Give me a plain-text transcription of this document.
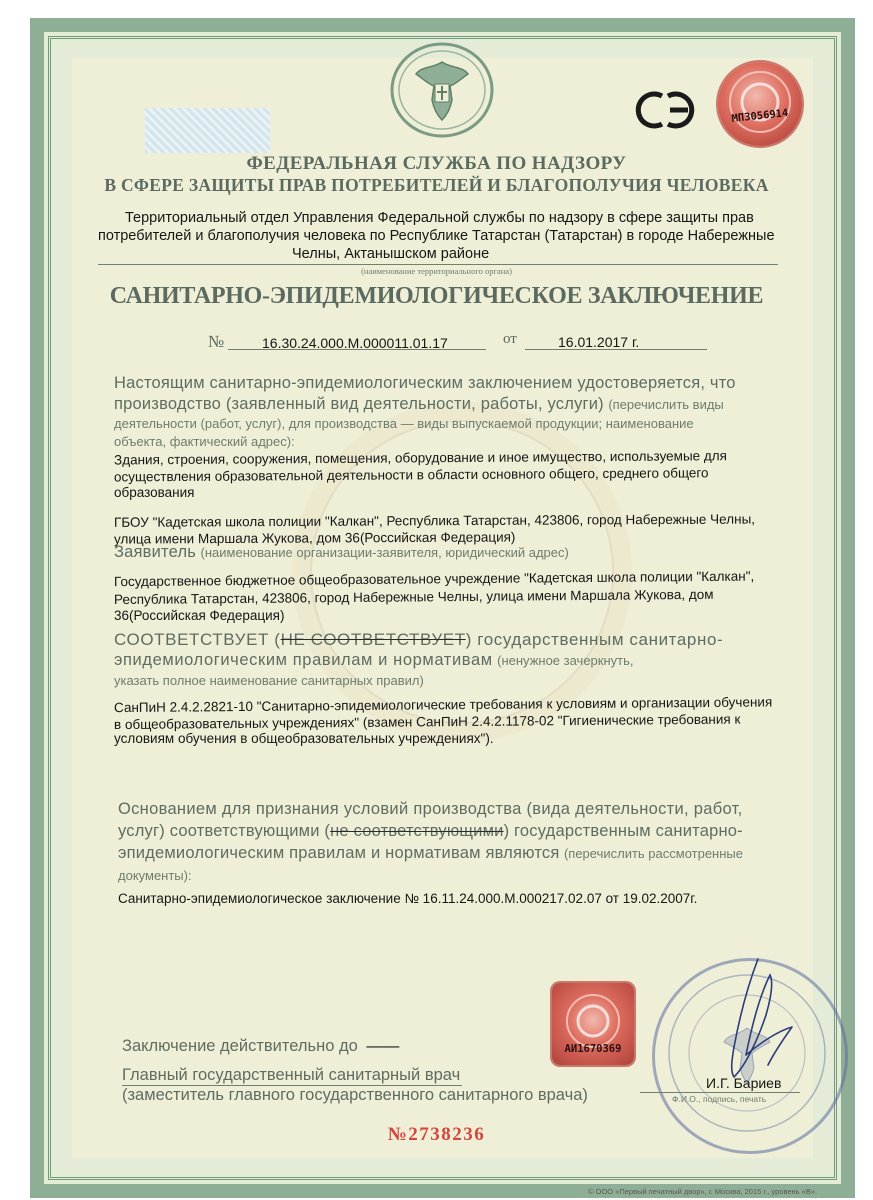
МП3056914
ФЕДЕРАЛЬНАЯ СЛУЖБА ПО НАДЗОРУ
В СФЕРЕ ЗАЩИТЫ ПРАВ ПОТРЕБИТЕЛЕЙ И БЛАГОПОЛУЧИЯ ЧЕЛОВЕКА
Территориальный отдел Управления Федеральной службы по надзору в сфере защиты прав
потребителей и благополучия человека по Республике Татарстан (Татарстан) в городе Набережные
Челны, Актанышском районе
(наименование территориального органа)
САНИТАРНО-ЭПИДЕМИОЛОГИЧЕСКОЕ ЗАКЛЮЧЕНИЕ
№	16.30.24.000.М.000011.01.17	от	16.01.2017 г.
Настоящим санитарно-эпидемиологическим заключением удостоверяется, что
производство (заявленный вид деятельности, работы, услуги) (перечислить виды
деятельности (работ, услуг), для производства — виды выпускаемой продукции; наименование
объекта, фактический адрес):
Здания, строения, сооружения, помещения, оборудование и иное имущество, используемые для
осуществления образовательной деятельности в области основного общего, среднего общего
образования
ГБОУ "Кадетская школа полиции "Калкан", Республика Татарстан, 423806, город Набережные Челны,
улица имени Маршала Жукова, дом 36(Российская Федерация)
Заявитель (наименование организации-заявителя, юридический адрес)
Государственное бюджетное общеобразовательное учреждение "Кадетская школа полиции "Калкан",
Республика Татарстан, 423806, город Набережные Челны, улица имени Маршала Жукова, дом
36(Российская Федерация)
СООТВЕТСТВУЕТ (НЕ СООТВЕТСТВУЕТ) государственным санитарно-
эпидемиологическим правилам и нормативам (ненужное зачеркнуть,
указать полное наименование санитарных правил)
СанПиН 2.4.2.2821-10 "Санитарно-эпидемиологические требования к условиям и организации обучения
в общеобразовательных учреждениях" (взамен СанПиН 2.4.2.1178-02 "Гигиенические требования к
условиям обучения в общеобразовательных учреждениях").
Основанием для признания условий производства (вида деятельности, работ,
услуг) соответствующими (не соответствующими) государственным санитарно-
эпидемиологическим правилам и нормативам являются (перечислить рассмотренные
документы):
Санитарно-эпидемиологическое заключение № 16.11.24.000.М.000217.02.07 от 19.02.2007г.
АИ1670369
Заключение действительно до ——
Главный государственный санитарный врач
(заместитель главного государственного санитарного врача)
И.Г. Бариев
Ф.И.О., подпись, печать
№2738236
© ООО «Первый печатный двор», г. Москва, 2015 г., уровень «В».
